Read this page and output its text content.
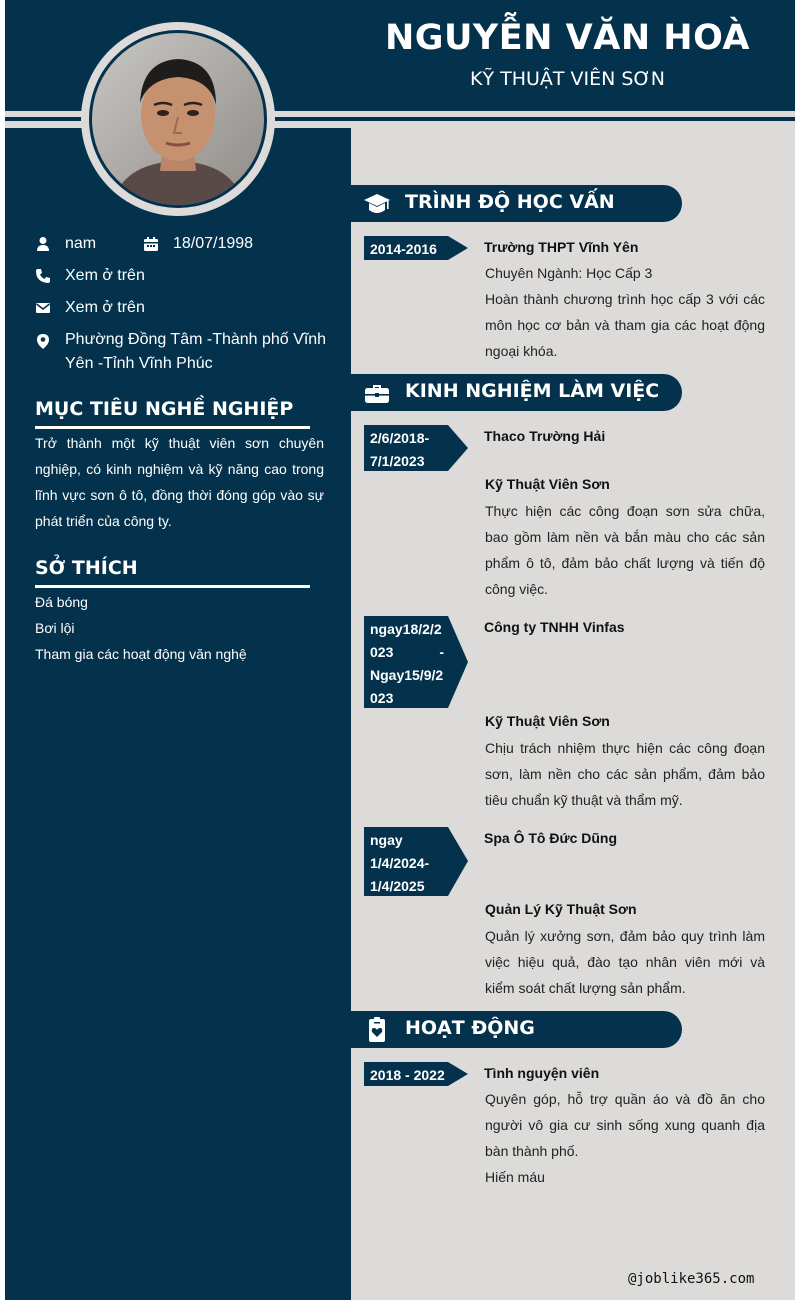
NGUYỄN VĂN HOÀ
KỸ THUẬT VIÊN SƠN
nam	18/07/1998
Xem ở trên
Xem ở trên
Phường Đồng Tâm -Thành phố Vĩnh
Yên -Tỉnh Vĩnh Phúc
MỤC TIÊU NGHỀ NGHIỆP
Trở thành một kỹ thuật viên sơn chuyên nghiệp, có kinh nghiệm và kỹ năng cao trong lĩnh vực sơn ô tô, đồng thời đóng góp vào sự phát triển của công ty.
SỞ THÍCH
Đá bóng
Bơi lội
Tham gia các hoạt động văn nghệ
TRÌNH ĐỘ HỌC VẤN
2014-2016	Trường THPT Vĩnh Yên
Chuyên Ngành: Học Cấp 3
Hoàn thành chương trình học cấp 3 với các môn học cơ bản và tham gia các hoạt động ngoại khóa.
KINH NGHIỆM LÀM VIỆC
2/6/2018-7/1/2023
Thaco Trường Hải
Kỹ Thuật Viên Sơn
Thực hiện các công đoạn sơn sửa chữa, bao gồm làm nền và bắn màu cho các sản phẩm ô tô, đảm bảo chất lượng và tiến độ công việc.
ngay18/2/2023 - Ngay15/9/2023
Công ty TNHH Vinfas
Kỹ Thuật Viên Sơn
Chịu trách nhiệm thực hiện các công đoạn sơn, làm nền cho các sản phẩm, đảm bảo tiêu chuẩn kỹ thuật và thẩm mỹ.
ngay 1/4/2024-1/4/2025
Spa Ô Tô Đức Dũng
Quản Lý Kỹ Thuật Sơn
Quản lý xưởng sơn, đảm bảo quy trình làm việc hiệu quả, đào tạo nhân viên mới và kiểm soát chất lượng sản phẩm.
HOẠT ĐỘNG
2018 - 2022	Tình nguyện viên
Quyên góp, hỗ trợ quần áo và đồ ăn cho người vô gia cư sinh sống xung quanh địa bàn thành phố.
Hiến máu
@joblike365.com
